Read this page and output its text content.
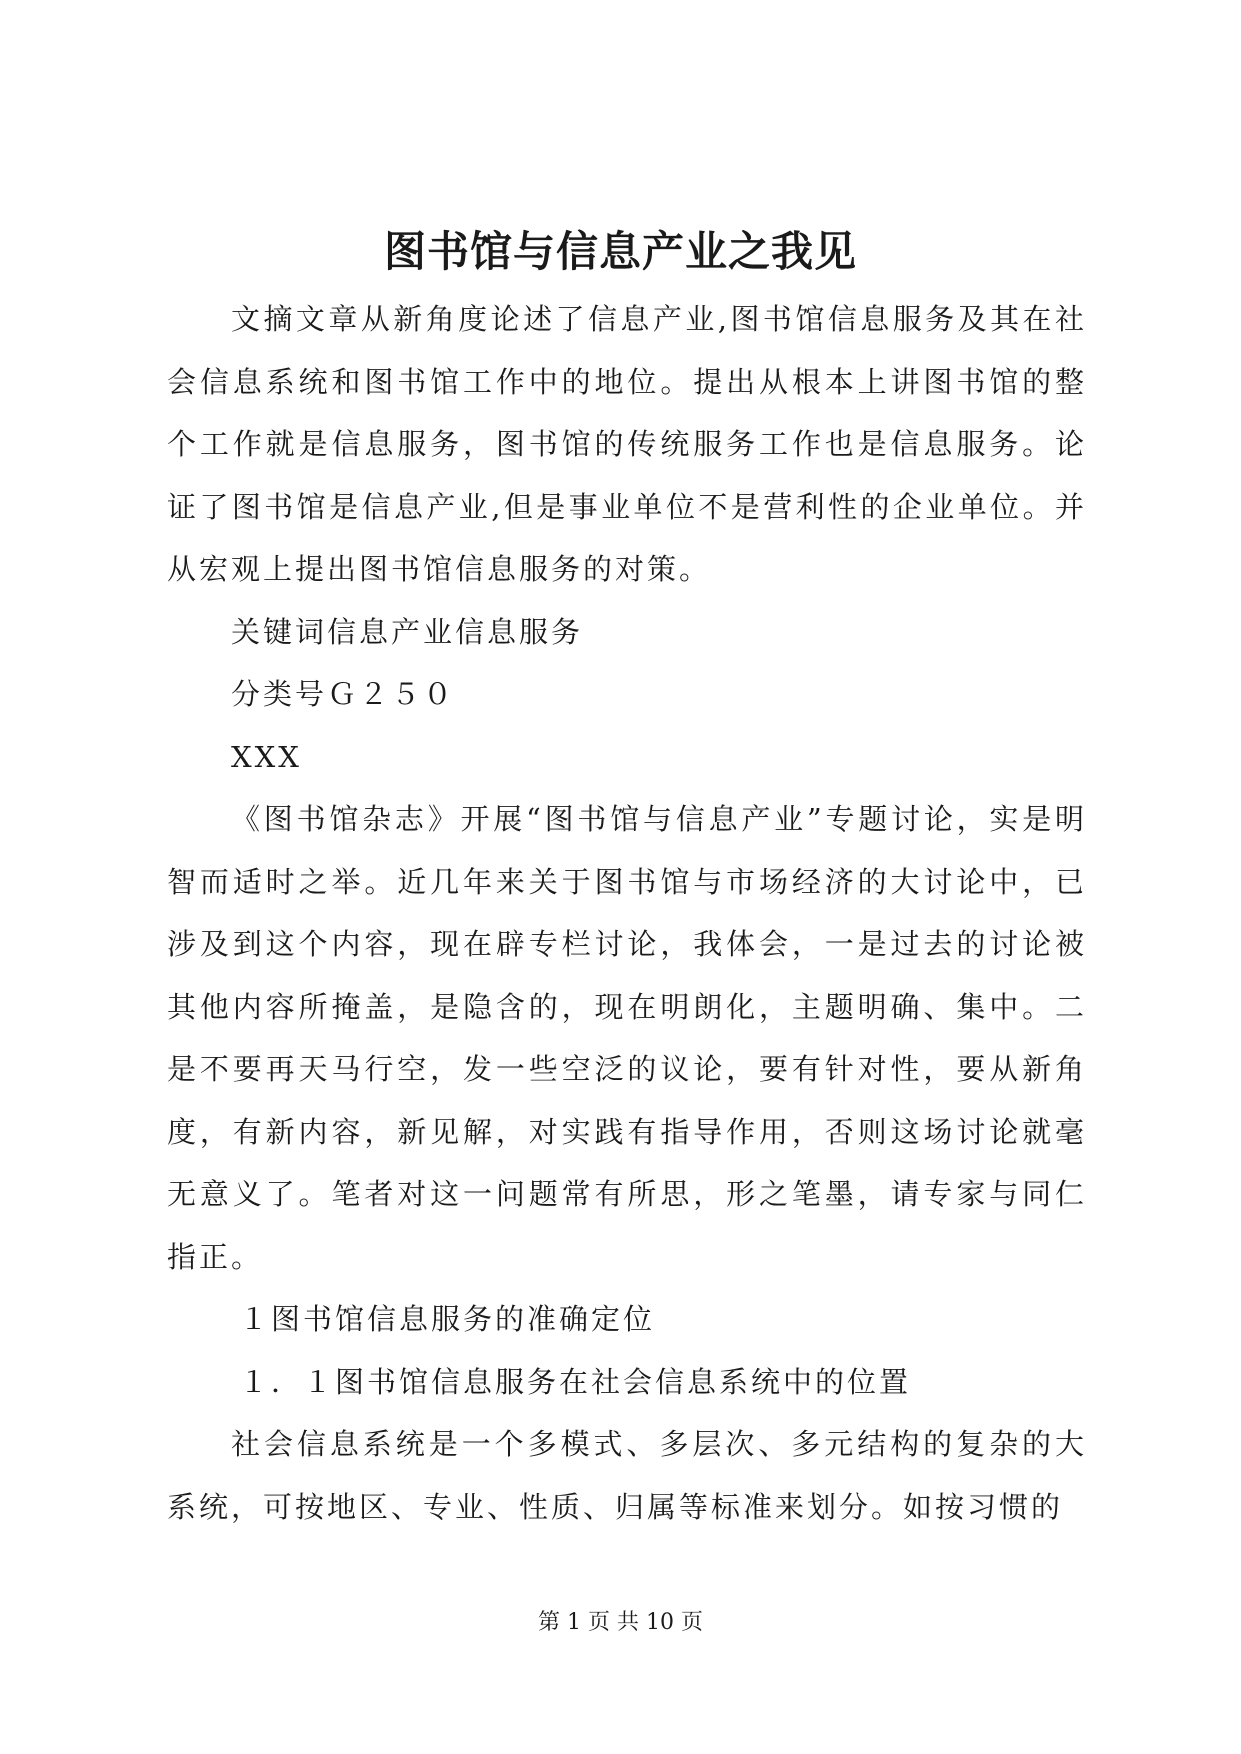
图书馆与信息产业之我见

文摘文章从新角度论述了信息产业,图书馆信息服务及其在社会信息系统和图书馆工作中的地位。提出从根本上讲图书馆的整个工作就是信息服务，图书馆的传统服务工作也是信息服务。论证了图书馆是信息产业,但是事业单位不是营利性的企业单位。并从宏观上提出图书馆信息服务的对策。

关键词信息产业信息服务

分类号Ｇ２５０

XXX

《图书馆杂志》开展“图书馆与信息产业”专题讨论，实是明智而适时之举。近几年来关于图书馆与市场经济的大讨论中，已涉及到这个内容，现在辟专栏讨论，我体会，一是过去的讨论被其他内容所掩盖，是隐含的，现在明朗化，主题明确、集中。二是不要再天马行空，发一些空泛的议论，要有针对性，要从新角度，有新内容，新见解，对实践有指导作用，否则这场讨论就毫无意义了。笔者对这一问题常有所思，形之笔墨，请专家与同仁指正。

１图书馆信息服务的准确定位

１．１图书馆信息服务在社会信息系统中的位置

社会信息系统是一个多模式、多层次、多元结构的复杂的大系统，可按地区、专业、性质、归属等标准来划分。如按习惯的

第 1 页 共 10 页
